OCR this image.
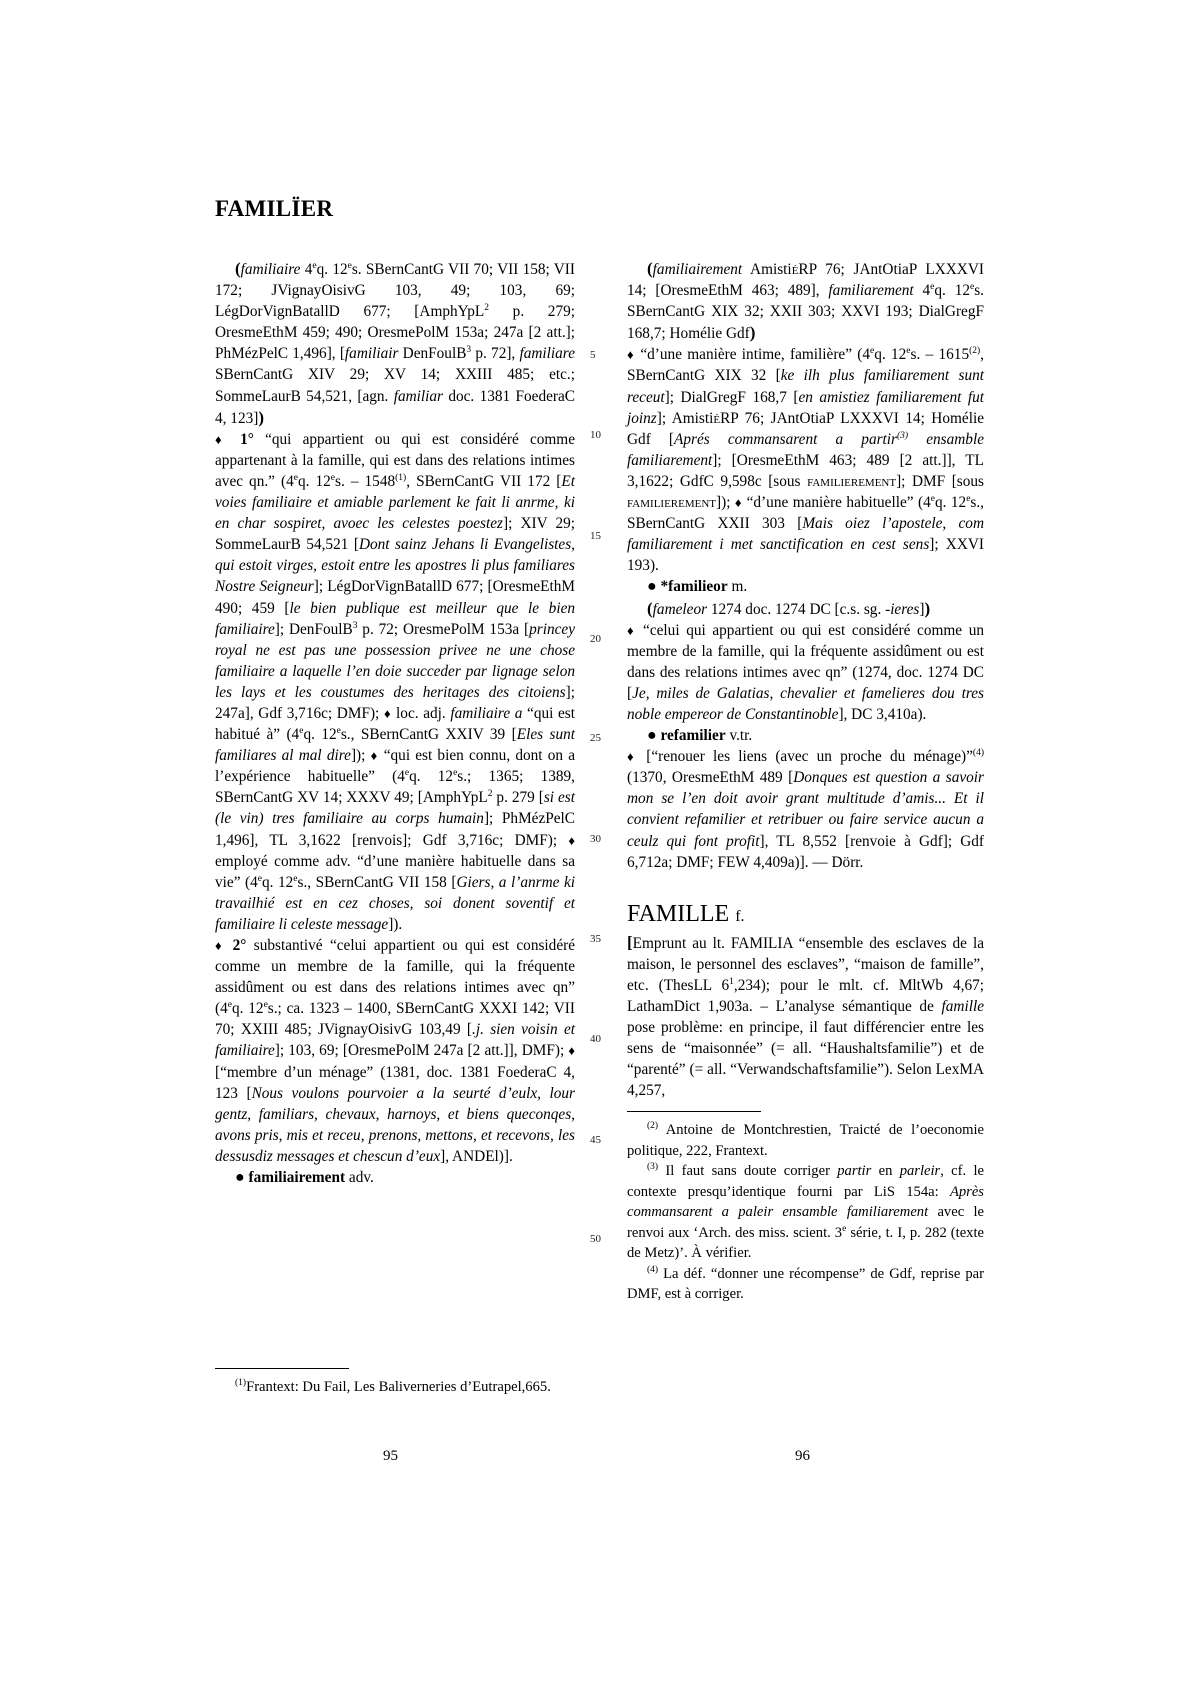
FAMILÏER

(familiaire 4eq. 12es. SBernCantG VII 70; VII 158; VII 172; JVignayOisivG 103, 49; 103, 69; LégDorVignBatallD 677; [AmphYpL$^2$ p. 279; OresmeEthM 459; 490; OresmePolM 153a; 247a [2 att.]; PhMézPelC 1,496], [familiair DenFoulB$^3$ p. 72], familiare SBernCantG XIV 29; XV 14; XXIII 485; etc.; SommeLaurB 54,521, [agn. familiar doc. 1381 FoederaC 4, 123])

♦ 1° “qui appartient ou qui est considéré comme appartenant à la famille, qui est dans des relations intimes avec qn.” (4eq. 12es. – 1548$^{(1)}$, SBernCantG VII 172 [Et voies familiaire et amiable parlement ke fait li anrme, ki en char sospiret, avoec les celestes poestez]; XIV 29; SommeLaurB 54,521 [Dont sainz Jehans li Evangelistes, qui estoit virges, estoit entre les apostres li plus familiares Nostre Seigneur]; LégDorVignBatallD 677; [OresmeEthM 490; 459 [le bien publique est meilleur que le bien familiaire]; DenFoulB$^3$ p. 72; OresmePolM 153a [princey royal ne est pas une possession privee ne une chose familiaire a laquelle l’en doie succeder par lignage selon les lays et les coustumes des heritages des citoiens]; 247a], Gdf 3,716c; DMF); ♦ loc. adj. familiaire a “qui est habitué à” (4eq. 12es., SBernCantG XXIV 39 [Eles sunt familiares al mal dire]); ♦ “qui est bien connu, dont on a l’expérience habituelle” (4eq. 12es.; 1365; 1389, SBernCantG XV 14; XXXV 49; [AmphYpL$^2$ p. 279 [si est (le vin) tres familiaire au corps humain]; PhMézPelC 1,496], TL 3,1622 [renvois]; Gdf 3,716c; DMF); ♦ employé comme adv. “d’une manière habituelle dans sa vie” (4eq. 12es., SBernCantG VII 158 [Giers, a l’anrme ki travailhié est en cez choses, soi donent soventif et familiaire li celeste message]).

♦ 2° substantivé “celui appartient ou qui est considéré comme un membre de la famille, qui la fréquente assidûment ou est dans des relations intimes avec qn” (4eq. 12es.; ca. 1323 – 1400, SBernCantG XXXI 142; VII 70; XXIII 485; JVignayOisivG 103,49 [.j. sien voisin et familiaire]; 103, 69; [OresmePolM 247a [2 att.]], DMF); ♦ [“membre d’un ménage” (1381, doc. 1381 FoederaC 4, 123 [Nous voulons pourvoier a la seurté d’eulx, lour gentz, familiars, chevaux, harnoys, et biens queconqes, avons pris, mis et receu, prenons, mettons, et recevons, les dessusdiz messages et chescun d’eux], ANDEl)].

● familiairement adv.

$^{(1)}$Frantext: Du Fail, Les Baliverneries d’Eutrapel,665.

5
10
15
20
25
30
35
40
45
50

(familiairement AmistiéRP 76; JAntOtiaP LXXXVI 14; [OresmeEthM 463; 489], familiarement 4eq. 12es. SBernCantG XIX 32; XXII 303; XXVI 193; DialGregF 168,7; Homélie Gdf)

♦ “d’une manière intime, familière” (4eq. 12es. – 1615$^{(2)}$, SBernCantG XIX 32 [ke ilh plus familiarement sunt receut]; DialGregF 168,7 [en amistiez familiarement fut joinz]; AmistiéRP 76; JAntOtiaP LXXXVI 14; Homélie Gdf [Aprés commansarent a partir$^{(3)}$ ensamble familiarement]; [OresmeEthM 463; 489 [2 att.]], TL 3,1622; GdfC 9,598c [sous familierement]; DMF [sous familierement]); ♦ “d’une manière habituelle” (4eq. 12es., SBernCantG XXII 303 [Mais oiez l’apostele, com familiarement i met sanctification en cest sens]; XXVI 193).

● *familieor m.

(fameleor 1274 doc. 1274 DC [c.s. sg. -ieres])

♦ “celui qui appartient ou qui est considéré comme un membre de la famille, qui la fréquente assidûment ou est dans des relations intimes avec qn” (1274, doc. 1274 DC [Je, miles de Galatias, chevalier et famelieres dou tres noble empereor de Constantinoble], DC 3,410a).

● refamilier v.tr.

♦ [“renouer les liens (avec un proche du ménage)”$^{(4)}$ (1370, OresmeEthM 489 [Donques est question a savoir mon se l’en doit avoir grant multitude d’amis... Et il convient refamilier et retribuer ou faire service aucun a ceulz qui font profit], TL 8,552 [renvoie à Gdf]; Gdf 6,712a; DMF; FEW 4,409a)]. — Dörr.

FAMILLE f.

[Emprunt au lt. FAMILIA “ensemble des esclaves de la maison, le personnel des esclaves”, “maison de famille”, etc. (ThesLL $6^1,234$); pour le mlt. cf. MltWb 4,67; LathamDict 1,903a. – L’analyse sémantique de famille pose problème: en principe, il faut différencier entre les sens de “maisonnée” (= all. “Haushaltsfamilie”) et de “parenté” (= all. “Verwandschaftsfamilie”). Selon LexMA 4,257,

$^{(2)}$ Antoine de Montchrestien, Traicté de l’oeconomie politique, 222, Frantext.

$^{(3)}$ Il faut sans doute corriger partir en parleir, cf. le contexte presqu’identique fourni par LiS 154a: Après commansarent a paleir ensamble familiarement avec le renvoi aux ‘Arch. des miss. scient. 3e série, t. I, p. 282 (texte de Metz)’. À vérifier.

$^{(4)}$ La déf. “donner une récompense” de Gdf, reprise par DMF, est à corriger.

95	96
